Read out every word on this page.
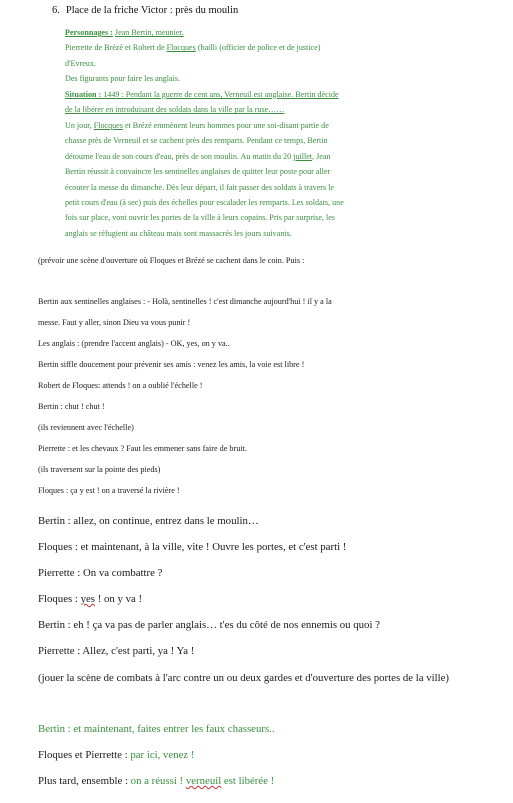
6. Place de la friche Victor : près du moulin

Personnages : Jean Bertin, meunier.

Pierrette de Brézé et Robert de Flocques (bailli (officier de police et de justice)

d'Evreux.

Des figurants pour faire les anglais.

Situation : 1449 : Pendant la guerre de cent ans, Verneuil est anglaise. Bertin décide

de la libérer en introduisant des soldats dans la ville par la ruse……

Un jour, Flocques et Brézé emmènent leurs hommes pour une soi-disant partie de

chasse près de Verneuil et se cachent près des remparts. Pendant ce temps, Bertin

détourne l'eau de son cours d'eau, près de son moulin. Au matin du 20 juillet, Jean

Bertin réussit à convaincre les sentinelles anglaises de quitter leur poste pour aller

écouter la messe du dimanche. Dès leur départ, il fait passer des soldats à travers le

petit cours d'eau (à sec) puis des échelles pour escalader les remparts. Les soldats, une

fois sur place, vont ouvrir les portes de la ville à leurs copains. Pris par surprise, les

anglais se réfugient au château mais sont massacrés les jours suivants.

(prévoir une scène d'ouverture où Floques et Brézé se cachent dans le coin. Puis :
Bertin aux sentinelles anglaises : - Holà, sentinelles ! c'est dimanche aujourd'hui ! il y a la
messe. Faut y aller, sinon Dieu va vous punir !
Les anglais : (prendre l'accent anglais) - OK, yes, on y va..
Bertin siffle doucement pour prévenir ses amis : venez les amis, la voie est libre !
Robert de Floques: attends ! on a oublié l'échelle !
Bertin : chut ! chut !
(ils reviennent avec l'échelle)
Pierrette : et les chevaux ? Faut les emmener sans faire de bruit.
(ils traversent sur la pointe des pieds)
Floques : ça y est ! on a traversé la rivière !
Bertin : allez, on continue, entrez dans le moulin…
Floques : et maintenant, à la ville, vite ! Ouvre les portes, et c'est parti !
Pierrette : On va combattre ?
Floques : yes ! on y va !
Bertin : eh ! ça va pas de parler anglais… t'es du côté de nos ennemis ou quoi ?
Pierrette : Allez, c'est parti, ya ! Ya !
(jouer la scène de combats à l'arc contre un ou deux gardes et d'ouverture des portes de la ville)
Bertin : et maintenant, faites entrer les faux chasseurs..
Floques et Pierrette : par ici, venez !
Plus tard, ensemble : on a réussi ! verneuil est libérée !
